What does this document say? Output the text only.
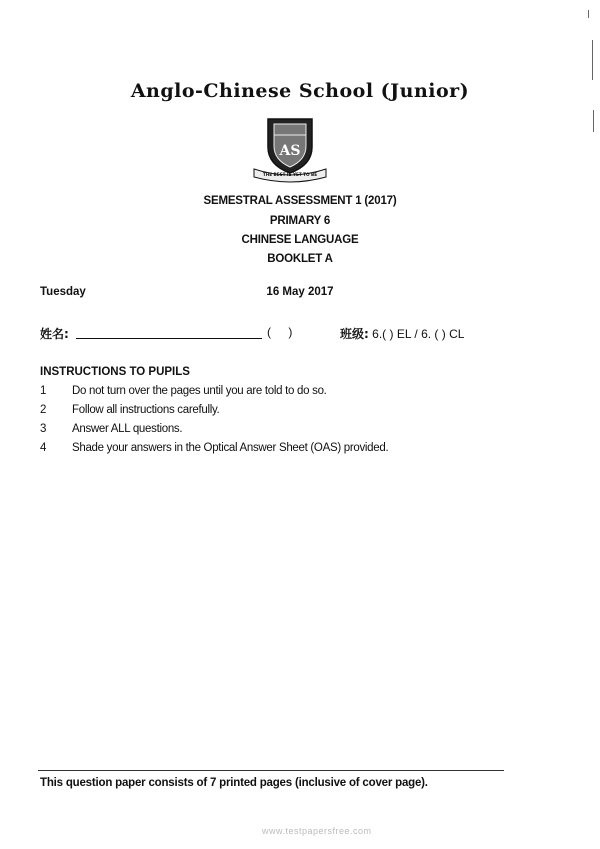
Anglo-Chinese School (Junior)
AS
THE BEST IS YET TO BE
SEMESTRAL ASSESSMENT 1 (2017)
PRIMARY 6
CHINESE LANGUAGE
BOOKLET A
Tuesday	16 May 2017
姓名:	( )	班级: 6.( ) EL / 6. ( ) CL
INSTRUCTIONS TO PUPILS
1 Do not turn over the pages until you are told to do so.
2 Follow all instructions carefully.
3 Answer ALL questions.
4 Shade your answers in the Optical Answer Sheet (OAS) provided.
This question paper consists of 7 printed pages (inclusive of cover page).
www.testpapersfree.com
